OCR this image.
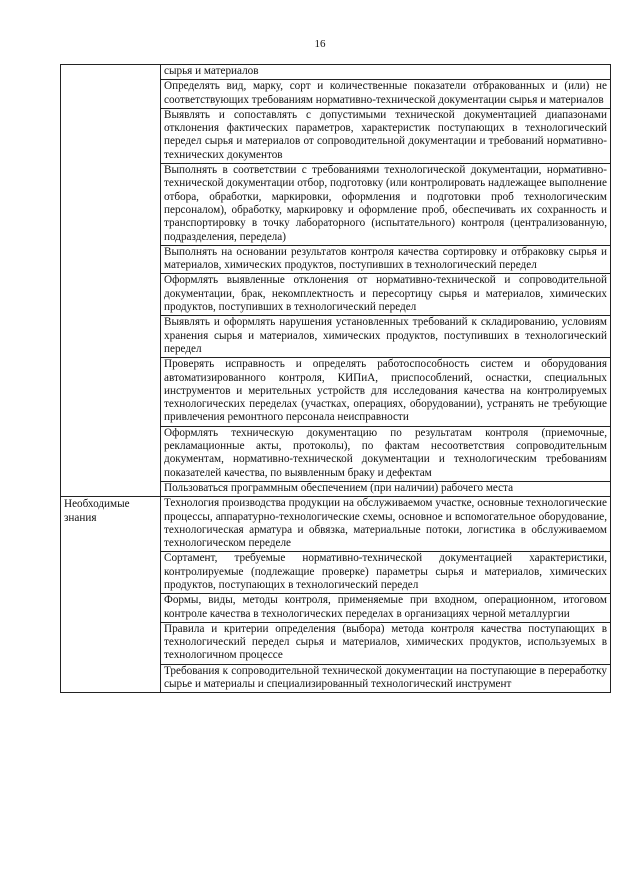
16

	сырья и материалов

	Определять вид, марку, сорт и количественные показатели отбракованных и (или) не соответствующих требованиям нормативно-технической документации сырья и материалов

	Выявлять и сопоставлять с допустимыми технической документацией диапазонами отклонения фактических параметров, характеристик поступающих в технологический передел сырья и материалов от сопроводительной документации и требований нормативно-технических документов

	Выполнять в соответствии с требованиями технологической документации, нормативно-технической документации отбор, подготовку (или контролировать надлежащее выполнение отбора, обработки, маркировки, оформления и подготовки проб технологическим персоналом), обработку, маркировку и оформление проб, обеспечивать их сохранность и транспортировку в точку лабораторного (испытательного) контроля (централизованную, подразделения, передела)

	Выполнять на основании результатов контроля качества сортировку и отбраковку сырья и материалов, химических продуктов, поступивших в технологический передел

	Оформлять выявленные отклонения от нормативно-технической и сопроводительной документации, брак, некомплектность и пересортицу сырья и материалов, химических продуктов, поступивших в технологический передел

	Выявлять и оформлять нарушения установленных требований к складированию, условиям хранения сырья и материалов, химических продуктов, поступивших в технологический передел

	Проверять исправность и определять работоспособность систем и оборудования автоматизированного контроля, КИПиА, приспособлений, оснастки, специальных инструментов и мерительных устройств для исследования качества на контролируемых технологических переделах (участках, операциях, оборудовании), устранять не требующие привлечения ремонтного персонала неисправности

	Оформлять техническую документацию по результатам контроля (приемочные, рекламационные акты, протоколы), по фактам несоответствия сопроводительным документам, нормативно-технической документации и технологическим требованиям показателей качества, по выявленным браку и дефектам

	Пользоваться программным обеспечением (при наличии) рабочего места

Необходимые знания	Технология производства продукции на обслуживаемом участке, основные технологические процессы, аппаратурно-технологические схемы, основное и вспомогательное оборудование, технологическая арматура и обвязка, материальные потоки, логистика в обслуживаемом технологическом переделе

	Сортамент, требуемые нормативно-технической документацией характеристики, контролируемые (подлежащие проверке) параметры сырья и материалов, химических продуктов, поступающих в технологический передел

	Формы, виды, методы контроля, применяемые при входном, операционном, итоговом контроле качества в технологических переделах в организациях черной металлургии

	Правила и критерии определения (выбора) метода контроля качества поступающих в технологический передел сырья и материалов, химических продуктов, используемых в технологичном процессе

	Требования к сопроводительной технической документации на поступающие в переработку сырье и материалы и специализированный технологический инструмент
